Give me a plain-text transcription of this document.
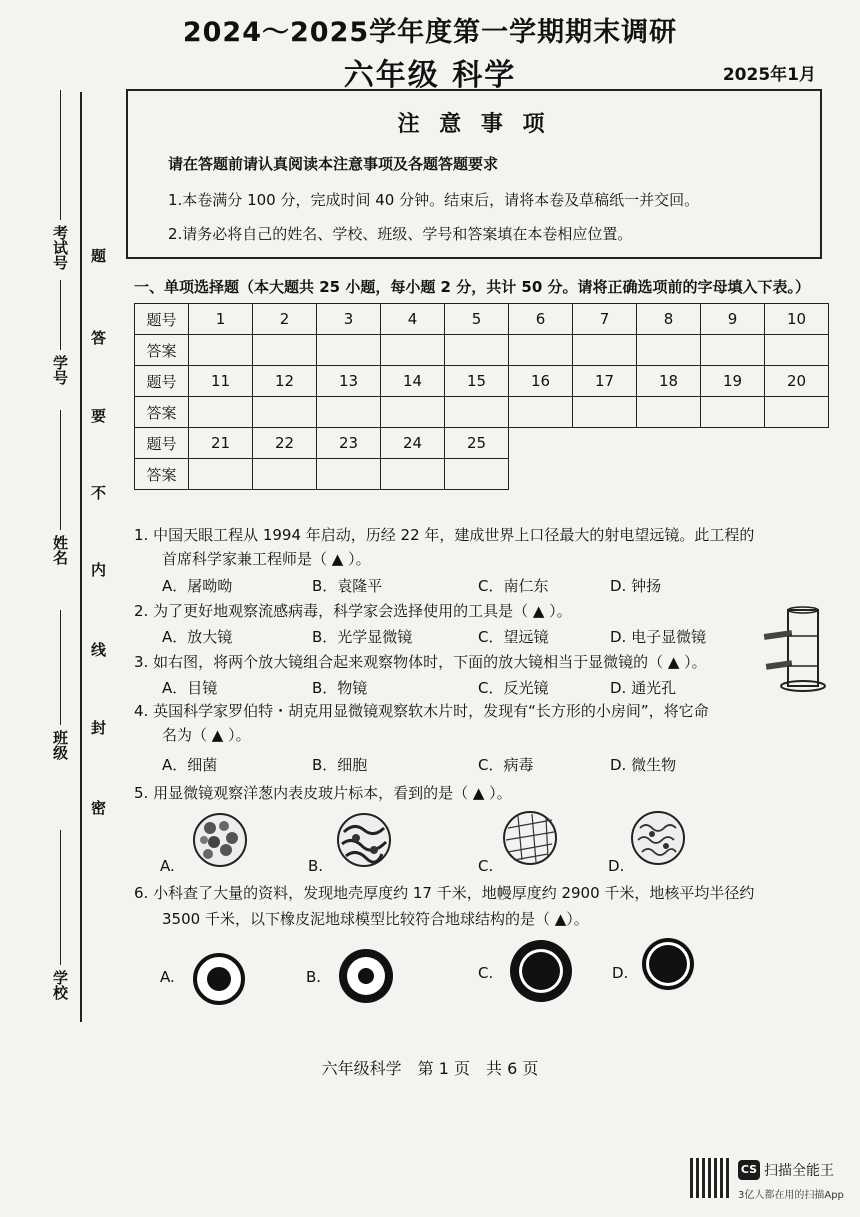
2024～2025学年度第一学期期末调研
六年级 科学	2025年1月
考试号
学号
姓名
班级
学校
题
答
要
不
内
线
封
密
注 意 事 项
请在答题前请认真阅读本注意事项及各题答题要求
1.本卷满分 100 分，完成时间 40 分钟。结束后，请将本卷及草稿纸一并交回。
2.请务必将自己的姓名、学校、班级、学号和答案填在本卷相应位置。
一、单项选择题（本大题共 25 小题，每小题 2 分，共计 50 分。请将正确选项前的字母填入下表。）
题号	1	2	3	4	5	6	7	8	9	10
答案										
题号	11	12	13	14	15	16	17	18	19	20
答案										
题号	21	22	23	24	25					
答案										
1. 中国天眼工程从 1994 年启动，历经 22 年，建成世界上口径最大的射电望远镜。此工程的
首席科学家兼工程师是（ ▲ ）。
A．屠呦呦	B．袁隆平	C．南仁东	D. 钟扬
2. 为了更好地观察流感病毒，科学家会选择使用的工具是（ ▲ ）。
A．放大镜	B．光学显微镜	C．望远镜	D. 电子显微镜
3. 如右图，将两个放大镜组合起来观察物体时，下面的放大镜相当于显微镜的（ ▲ ）。
A．目镜	B．物镜	C．反光镜	D. 通光孔
4. 英国科学家罗伯特・胡克用显微镜观察软木片时，发现有“长方形的小房间”，将它命
名为（ ▲ ）。
A．细菌	B．细胞	C．病毒	D. 微生物
5. 用显微镜观察洋葱内表皮玻片标本，看到的是（ ▲ ）。
A.	B.	C.	D.
6. 小科查了大量的资料，发现地壳厚度约 17 千米，地幔厚度约 2900 千米，地核平均半径约
3500 千米，以下橡皮泥地球模型比较符合地球结构的是（ ▲）。
A.	B.	C.	D.
六年级科学　第 1 页　共 6 页
CS 扫描全能王
3亿人都在用的扫描App
